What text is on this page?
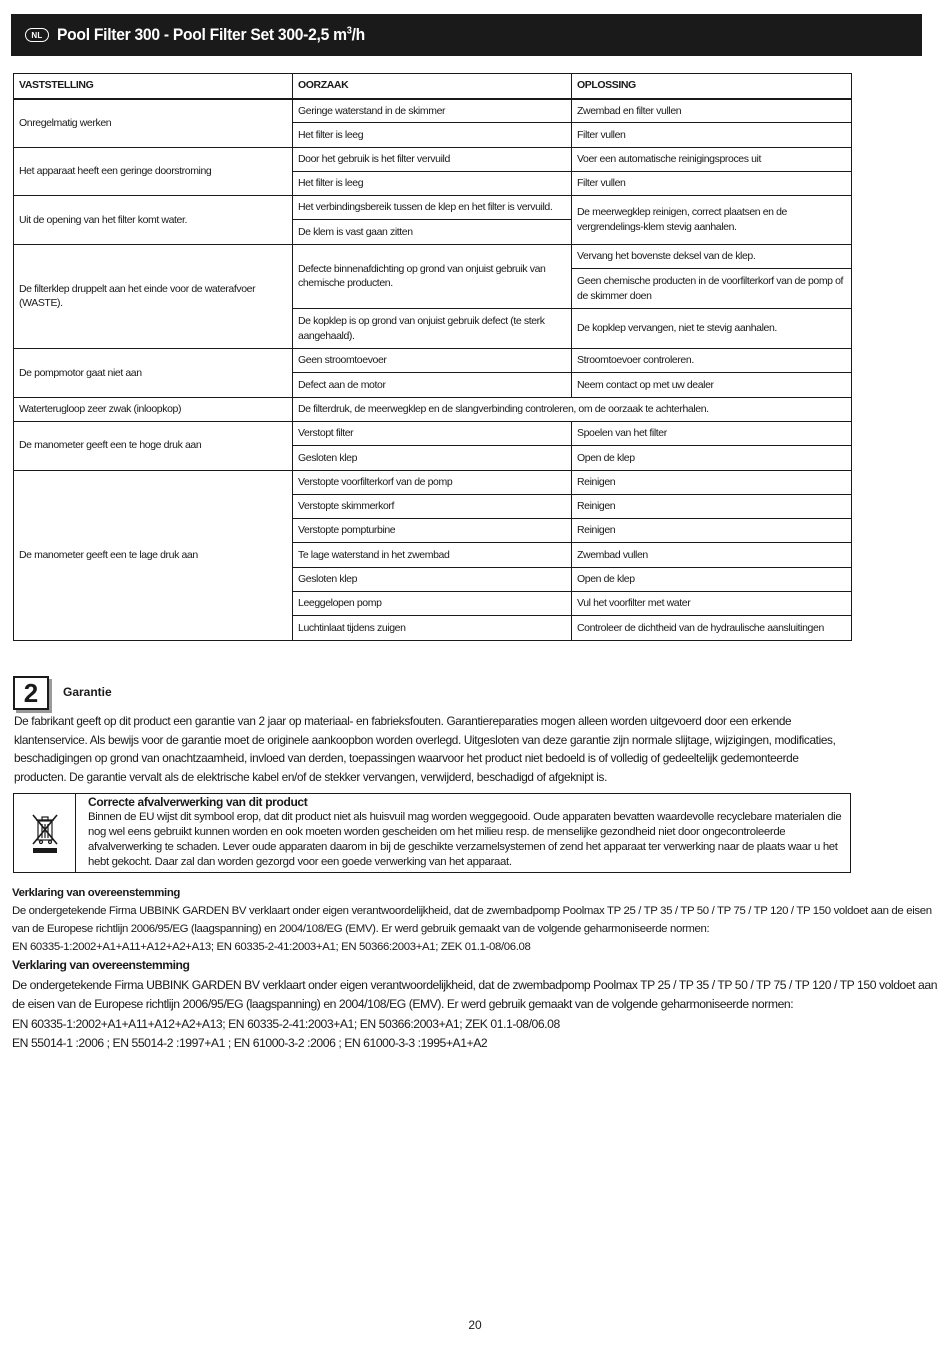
NL Pool Filter 300 - Pool Filter Set 300-2,5 $m^3/h$
VASTSTELLING	OORZAAK	OPLOSSING
Onregelmatig werken	Geringe waterstand in de skimmer	Zwembad en filter vullen
	Het filter is leeg	Filter vullen
Het apparaat heeft een geringe doorstroming	Door het gebruik is het filter vervuild	Voer een automatische reinigingsproces uit
	Het filter is leeg	Filter vullen
Uit de opening van het filter komt water.	Het verbindingsbereik tussen de klep en het filter is vervuild.	De meerwegklep reinigen, correct plaatsen en de vergrendelings-klem stevig aanhalen.
	De klem is vast gaan zitten	
De filterklep druppelt aan het einde voor de waterafvoer (WASTE).	Defecte binnenafdichting op grond van onjuist gebruik van chemische producten.	Vervang het bovenste deksel van de klep.
		Geen chemische producten in de voorfilterkorf van de pomp of de skimmer doen
	De kopklep is op grond van onjuist gebruik defect (te sterk aangehaald).	De kopklep vervangen, niet te stevig aanhalen.
De pompmotor gaat niet aan	Geen stroomtoevoer	Stroomtoevoer controleren.
	Defect aan de motor	Neem contact op met uw dealer
Waterterugloop zeer zwak (inloopkop)	De filterdruk, de meerwegklep en de slangverbinding controleren, om de oorzaak te achterhalen.	
De manometer geeft een te hoge druk aan	Verstopt filter	Spoelen van het filter
	Gesloten klep	Open de klep
De manometer geeft een te lage druk aan	Verstopte voorfilterkorf van de pomp	Reinigen
	Verstopte skimmerkorf	Reinigen
	Verstopte pompturbine	Reinigen
	Te lage waterstand in het zwembad	Zwembad vullen
	Gesloten klep	Open de klep
	Leeggelopen pomp	Vul het voorfilter met water
	Luchtinlaat tijdens zuigen	Controleer de dichtheid van de hydraulische aansluitingen
2	Garantie

De fabrikant geeft op dit product een garantie van 2 jaar op materiaal- en fabrieksfouten. Garantiereparaties mogen alleen worden uitgevoerd door een erkende klantenservice. Als bewijs voor de garantie moet de originele aankoopbon worden overlegd. Uitgesloten van deze garantie zijn normale slijtage, wijzigingen, modificaties, beschadigingen op grond van onachtzaamheid, invloed van derden, toepassingen waarvoor het product niet bedoeld is of volledig of gedeeltelijk gedemonteerde producten. De garantie vervalt als de elektrische kabel en/of de stekker vervangen, verwijderd, beschadigd of afgeknipt is.

Correcte afvalverwerking van dit product
Binnen de EU wijst dit symbool erop, dat dit product niet als huisvuil mag worden weggegooid. Oude apparaten bevatten waardevolle recyclebare materialen die nog wel eens gebruikt kunnen worden en ook moeten worden gescheiden om het milieu resp. de menselijke gezondheid niet door ongecontroleerde afvalverwerking te schaden. Lever oude apparaten daarom in bij de geschikte verzamelsystemen of zend het apparaat ter verwerking naar de plaats waar u het hebt gekocht. Daar zal dan worden gezorgd voor een goede verwerking van het apparaat.
Verklaring van overeenstemming
De ondergetekende Firma UBBINK GARDEN BV verklaart onder eigen verantwoordelijkheid, dat de zwembadpomp Poolmax TP 25 / TP 35 / TP 50 / TP 75 / TP 120 / TP 150 voldoet aan de eisen van de Europese richtlijn 2006/95/EG (laagspanning) en 2004/108/EG (EMV). Er werd gebruik gemaakt van de volgende geharmoniseerde normen:
EN 60335-1:2002+A1+A11+A12+A2+A13; EN 60335-2-41:2003+A1; EN 50366:2003+A1; ZEK 01.1-08/06.08
Verklaring van overeenstemming
De ondergetekende Firma UBBINK GARDEN BV verklaart onder eigen verantwoordelijkheid, dat de zwembadpomp Poolmax TP 25 / TP 35 / TP 50 / TP 75 / TP 120 / TP 150 voldoet aan de eisen van de Europese richtlijn 2006/95/EG (laagspanning) en 2004/108/EG (EMV). Er werd gebruik gemaakt van de volgende geharmoniseerde normen:
EN 60335-1:2002+A1+A11+A12+A2+A13; EN 60335-2-41:2003+A1; EN 50366:2003+A1; ZEK 01.1-08/06.08
EN 55014-1 :2006 ; EN 55014-2 :1997+A1 ; EN 61000-3-2 :2006 ; EN 61000-3-3 :1995+A1+A2
20
